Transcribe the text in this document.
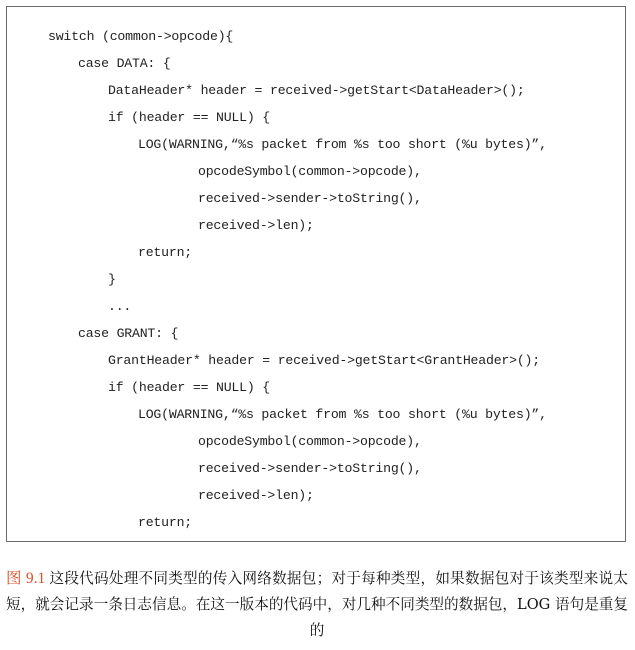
switch (common->opcode){
case DATA: {
DataHeader* header = received->getStart<DataHeader>();
if (header == NULL) {
LOG(WARNING,“%s packet from %s too short (%u bytes)”,
opcodeSymbol(common->opcode),
received->sender->toString(),
received->len);
return;
}
...
case GRANT: {
GrantHeader* header = received->getStart<GrantHeader>();
if (header == NULL) {
LOG(WARNING,“%s packet from %s too short (%u bytes)”,
opcodeSymbol(common->opcode),
received->sender->toString(),
received->len);
return;
图 9.1 这段代码处理不同类型的传入网络数据包；对于每种类型，如果数据包对于该类型来说太短，就会记录一条日志信息。在这一版本的代码中，对几种不同类型的数据包，LOG 语句是重复的
